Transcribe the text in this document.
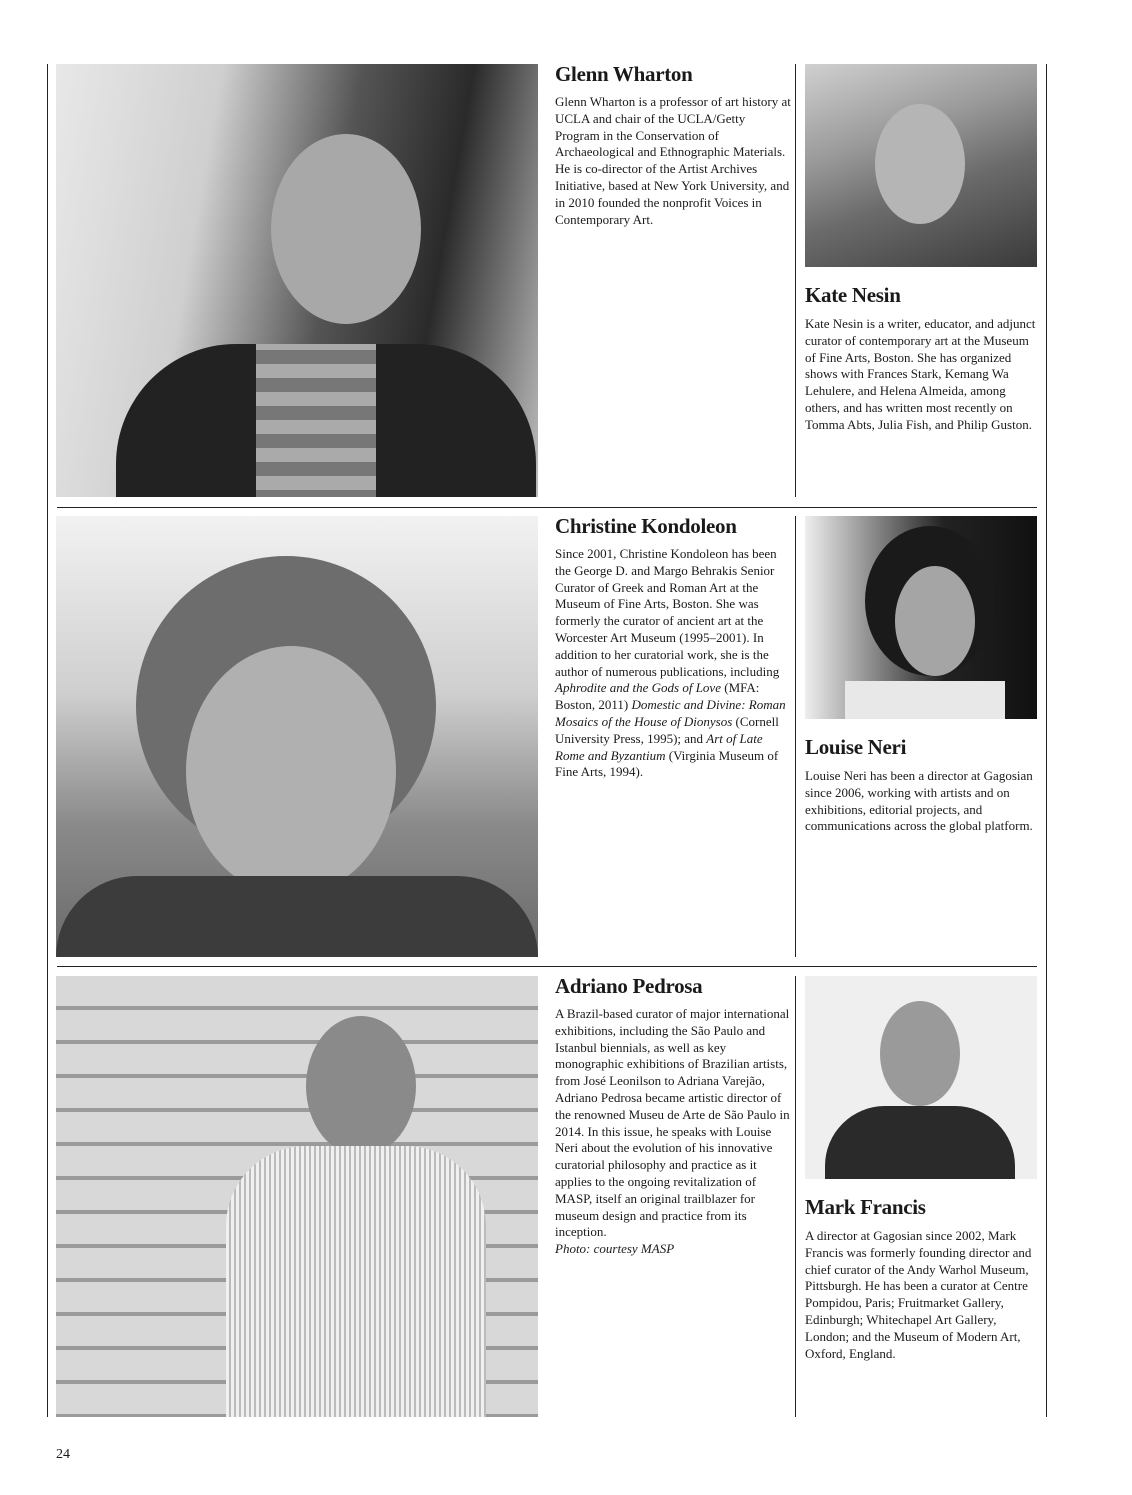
Glenn Wharton

Glenn Wharton is a professor of art history at UCLA and chair of the UCLA/Getty Program in the Conservation of Archaeological and Ethnographic Materials. He is co-director of the Artist Archives Initiative, based at New York University, and in 2010 founded the nonprofit Voices in Contemporary Art.

Kate Nesin

Kate Nesin is a writer, educator, and adjunct curator of contemporary art at the Museum of Fine Arts, Boston. She has organized shows with Frances Stark, Kemang Wa Lehulere, and Helena Almeida, among others, and has written most recently on Tomma Abts, Julia Fish, and Philip Guston.

Christine Kondoleon

Since 2001, Christine Kondoleon has been the George D. and Margo Behrakis Senior Curator of Greek and Roman Art at the Museum of Fine Arts, Boston. She was formerly the curator of ancient art at the Worcester Art Museum (1995–2001). In addition to her curatorial work, she is the author of numerous publications, including Aphrodite and the Gods of Love (MFA: Boston, 2011) Domestic and Divine: Roman Mosaics of the House of Dionysos (Cornell University Press, 1995); and Art of Late Rome and Byzantium (Virginia Museum of Fine Arts, 1994).

Louise Neri

Louise Neri has been a director at Gagosian since 2006, working with artists and on exhibitions, editorial projects, and communications across the global platform.

Adriano Pedrosa

A Brazil-based curator of major international exhibitions, including the São Paulo and Istanbul biennials, as well as key monographic exhibitions of Brazilian artists, from José Leonilson to Adriana Varejão, Adriano Pedrosa became artistic director of the renowned Museu de Arte de São Paulo in 2014. In this issue, he speaks with Louise Neri about the evolution of his innovative curatorial philosophy and practice as it applies to the ongoing revitalization of MASP, itself an original trailblazer for museum design and practice from its inception.
Photo: courtesy MASP

Mark Francis

A director at Gagosian since 2002, Mark Francis was formerly founding director and chief curator of the Andy Warhol Museum, Pittsburgh. He has been a curator at Centre Pompidou, Paris; Fruitmarket Gallery, Edinburgh; Whitechapel Art Gallery, London; and the Museum of Modern Art, Oxford, England.

24
